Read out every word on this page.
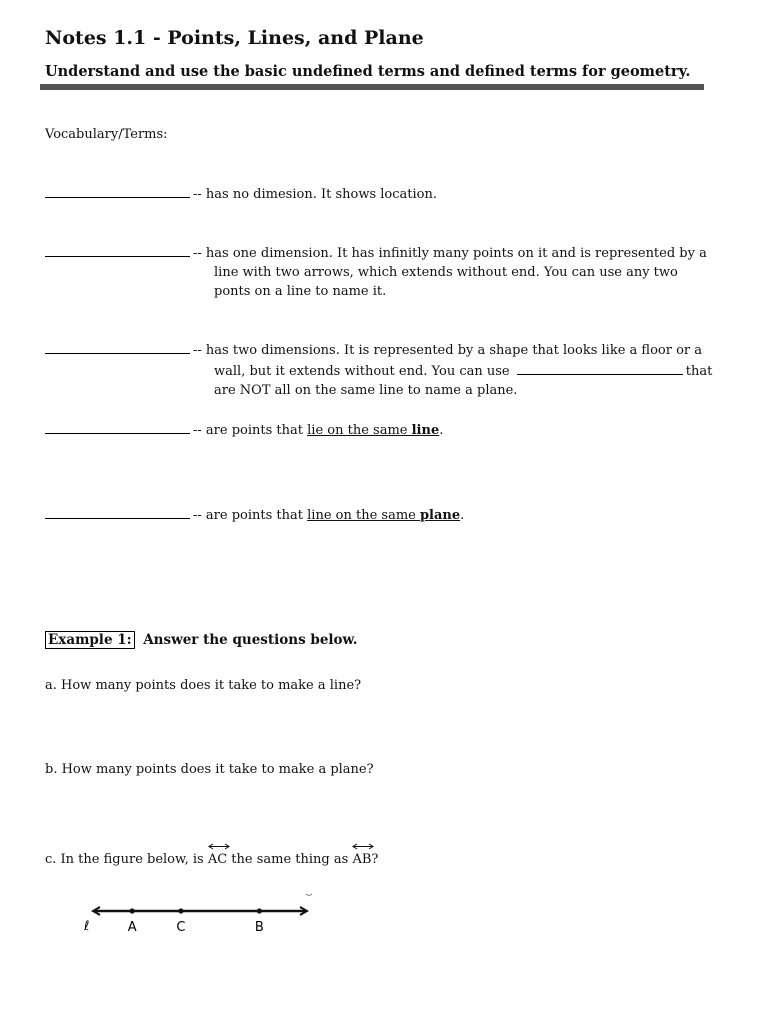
Notes 1.1 - Points, Lines, and Plane
Understand and use the basic undefined terms and defined terms for geometry.
Vocabulary/Terms:
-- has no dimesion. It shows location.
-- has one dimension. It has infinitly many points on it and is represented by a
line with two arrows, which extends without end. You can use any two
ponts on a line to name it.
-- has two dimensions. It is represented by a shape that looks like a floor or a
wall, but it extends without end. You can use	that
are NOT all on the same line to name a plane.
-- are points that lie on the same line.
-- are points that line on the same plane.
Example 1: Answer the questions below.
a. How many points does it take to make a line?
b. How many points does it take to make a plane?
c. In the figure below, is
AC the same thing as
AB?
ℓ	A	C	B
